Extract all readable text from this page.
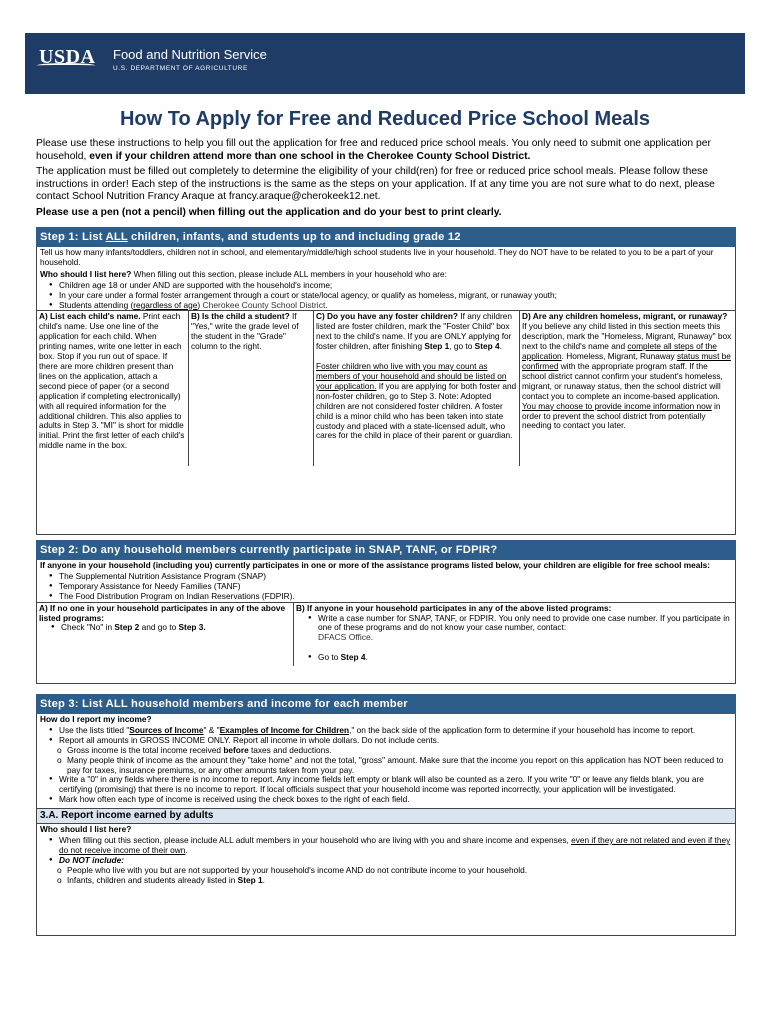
USDA Food and Nutrition Service
U.S. DEPARTMENT OF AGRICULTURE
How To Apply for Free and Reduced Price School Meals
Please use these instructions to help you fill out the application for free and reduced price school meals. You only need to submit one application per household, even if your children attend more than one school in the Cherokee County School District.
The application must be filled out completely to determine the eligibility of your child(ren) for free or reduced price school meals. Please follow these instructions in order! Each step of the instructions is the same as the steps on your application. If at any time you are not sure what to do next, please contact School Nutrition Francy Araque at francy.araque@cherokeek12.net.
Please use a pen (not a pencil) when filling out the application and do your best to print clearly.
Step 1: List ALL children, infants, and students up to and including grade 12
Tell us how many infants/toddlers, children not in school, and elementary/middle/high school students live in your household. They do NOT have to be related to you to be a part of your household.
Who should I list here? When filling out this section, please include ALL members in your household who are:
● Children age 18 or under AND are supported with the household's income;
● In your care under a formal foster arrangement through a court or state/local agency, or qualify as homeless, migrant, or runaway youth;
● Students attending (regardless of age) Cherokee County School District.
A) List each child's name. Print each child's name. Use one line of the application for each child. When printing names, write one letter in each box. Stop if you run out of space. If there are more children present than lines on the application, attach a second piece of paper (or a second application if completing electronically) with all required information for the additional children. This also applies to adults in Step 3. "MI" is short for middle initial. Print the first letter of each child's middle name in the box.
B) Is the child a student? If "Yes," write the grade level of the student in the "Grade" column to the right.
C) Do you have any foster children? If any children listed are foster children, mark the "Foster Child" box next to the child's name. If you are ONLY applying for foster children, after finishing Step 1, go to Step 4.
Foster children who live with you may count as members of your household and should be listed on your application. If you are applying for both foster and non-foster children, go to Step 3. Note: Adopted children are not considered foster children. A foster child is a minor child who has been taken into state custody and placed with a state-licensed adult, who cares for the child in place of their parent or guardian.
D) Are any children homeless, migrant, or runaway? If you believe any child listed in this section meets this description, mark the "Homeless, Migrant, Runaway" box next to the child's name and complete all steps of the application. Homeless, Migrant, Runaway status must be confirmed with the appropriate program staff. If the school district cannot confirm your student's homeless, migrant, or runaway status, then the school district will contact you to complete an income-based application. You may choose to provide income information now in order to prevent the school district from potentially needing to contact you later.
Step 2: Do any household members currently participate in SNAP, TANF, or FDPIR?
If anyone in your household (including you) currently participates in one or more of the assistance programs listed below, your children are eligible for free school meals:
● The Supplemental Nutrition Assistance Program (SNAP)
● Temporary Assistance for Needy Families (TANF)
● The Food Distribution Program on Indian Reservations (FDPIR).
A) If no one in your household participates in any of the above listed programs:
● Check "No" in Step 2 and go to Step 3.
B) If anyone in your household participates in any of the above listed programs:
● Write a case number for SNAP, TANF, or FDPIR. You only need to provide one case number. If you participate in one of these programs and do not know your case number, contact:
DFACS Office.
● Go to Step 4.
Step 3: List ALL household members and income for each member
How do I report my income?
● Use the lists titled "Sources of Income" & "Examples of Income for Children," on the back side of the application form to determine if your household has income to report.
● Report all amounts in GROSS INCOME ONLY. Report all income in whole dollars. Do not include cents.
o Gross income is the total income received before taxes and deductions.
o Many people think of income as the amount they "take home" and not the total, "gross" amount. Make sure that the income you report on this application has NOT been reduced to pay for taxes, insurance premiums, or any other amounts taken from your pay.
● Write a "0" in any fields where there is no income to report. Any income fields left empty or blank will also be counted as a zero. If you write "0" or leave any fields blank, you are certifying (promising) that there is no income to report. If local officials suspect that your household income was reported incorrectly, your application will be investigated.
● Mark how often each type of income is received using the check boxes to the right of each field.
3.A. Report income earned by adults
Who should I list here?
● When filling out this section, please include ALL adult members in your household who are living with you and share income and expenses, even if they are not related and even if they do not receive income of their own.
● Do NOT include:
o People who live with you but are not supported by your household's income AND do not contribute income to your household.
o Infants, children and students already listed in Step 1.
